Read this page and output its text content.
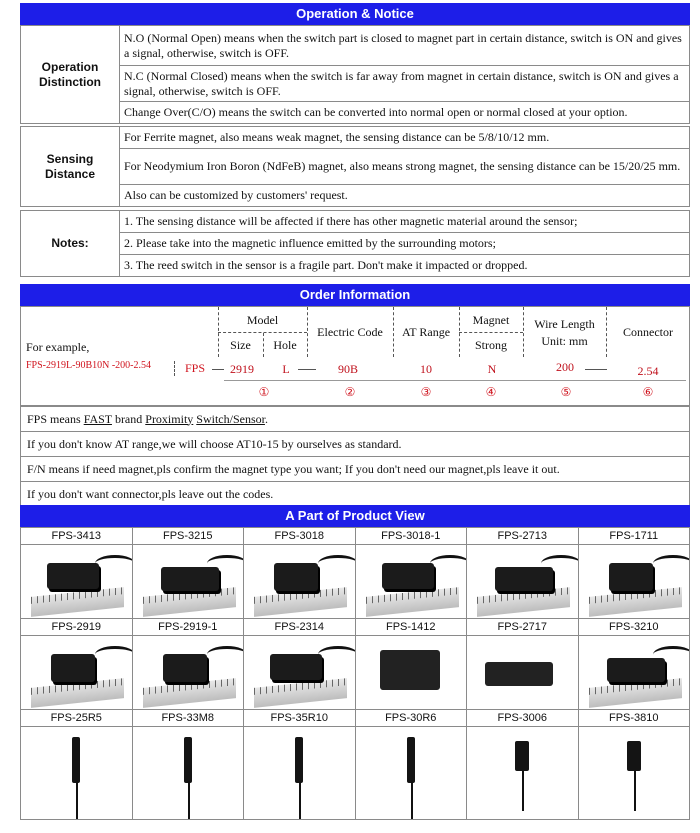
Operation & Notice
Operation
Distinction	N.O (Normal Open) means when the switch part is closed to magnet part in certain distance, switch is ON and gives a signal, otherwise, switch is OFF.
N.C (Normal Closed) means when the switch is far away from magnet in certain distance, switch is ON and gives a signal, otherwise, switch is OFF.
Change Over(C/O) means the switch can be converted into normal open or normal closed at your option.
Sensing
Distance	For Ferrite magnet, also means weak magnet, the sensing distance can be 5/8/10/12 mm.
For Neodymium Iron Boron (NdFeB) magnet, also means strong magnet, the sensing distance can be 15/20/25 mm.
Also can be customized by customers' request.
Notes:	1. The sensing distance will be affected if there has other magnetic material around the sensor;
2. Please take into the magnetic influence emitted by the surrounding motors;
3. The reed switch in the sensor is a fragile part. Don't make it impacted or dropped.
Order Information
For example,
FPS-2919L-90B10N -200-2.54
Model
Size	Hole
Electric Code	AT Range
Magnet
Strong
Wire Length
Unit: mm
Connector
FPS	2919	L	90B	10	N	200	2.54
①	②	③	④	⑤	⑥
FPS means FAST brand Proximity Switch/Sensor.
If you don't know AT range,we will choose AT10-15 by ourselves as standard.
F/N means if need magnet,pls confirm the magnet type you want; If you don't need our magnet,pls leave it out.
If you don't want connector,pls leave out the codes.
A Part of Product View
FPS-3413	FPS-3215	FPS-3018	FPS-3018-1	FPS-2713	FPS-1711

FPS-2919	FPS-2919-1	FPS-2314	FPS-1412	FPS-2717	FPS-3210

FPS-25R5	FPS-33M8	FPS-35R10	FPS-30R6	FPS-3006	FPS-3810
